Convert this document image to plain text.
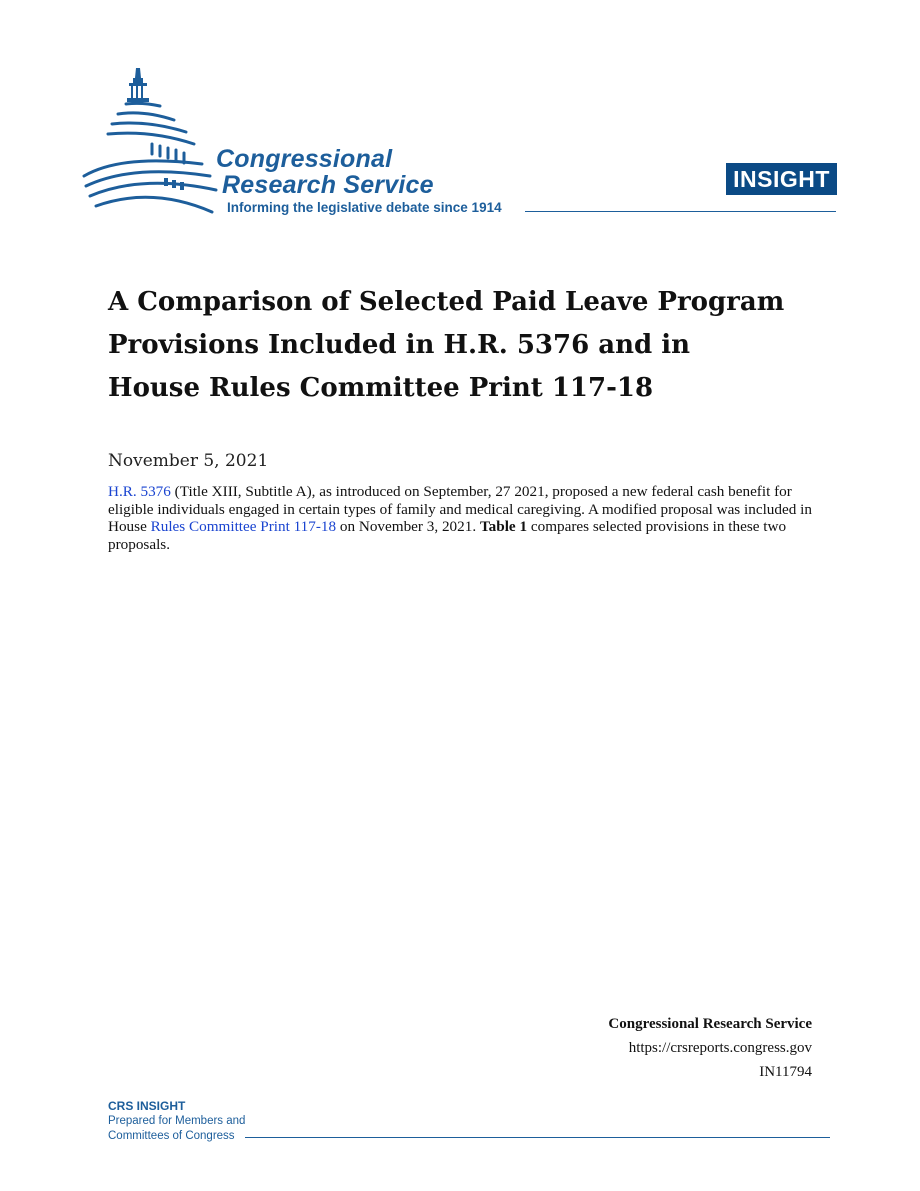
Congressional
Research Service
Informing the legislative debate since 1914
INSIGHT
A Comparison of Selected Paid Leave Program
Provisions Included in H.R. 5376 and in
House Rules Committee Print 117-18
November 5, 2021

H.R. 5376 (Title XIII, Subtitle A), as introduced on September, 27 2021, proposed a new federal cash benefit for eligible individuals engaged in certain types of family and medical caregiving. A modified proposal was included in House Rules Committee Print 117-18 on November 3, 2021. Table 1 compares selected provisions in these two proposals.

Congressional Research Service
https://crsreports.congress.gov
IN11794
CRS INSIGHT
Prepared for Members and
Committees of Congress
